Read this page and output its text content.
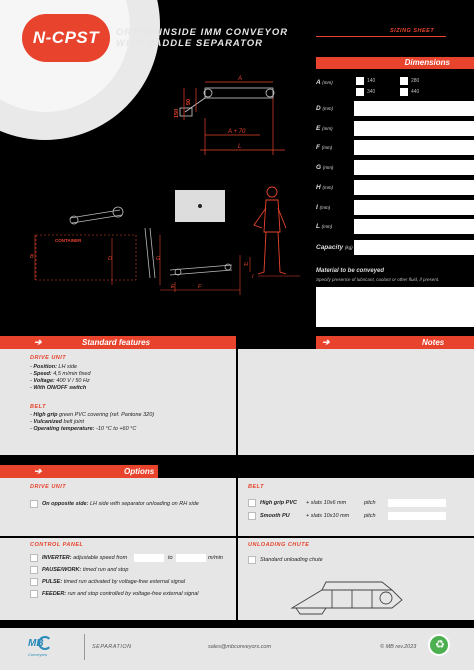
N-CPST	ORTHO-INSIDE IMM CONVEYOR
WITH PADDLE SEPARATOR
SIZING SHEET
A
A + 70
L
50
150
CONTAINER
B
E	F
D	G
H
I
Dimensions
A (mm)	140	280
340	440
D (mm)
E (mm)
F (mm)
G (mm)
H (mm)
I (mm)
L (mm)
Capacity (kg)
Material to be conveyed
Specify presence of lubricant, coolant or other fluid, if present.
➔	Standard features	➔	Notes
DRIVE UNIT
- Position: LH side
- Speed: 4,5 m/min fixed
- Voltage: 400 V / 50 Hz
- With ON/OFF switch
BELT
- High grip green PVC covering (ref. Pantone 320)
- Vulcanized belt joint
- Operating temperature: -10 °C to +60 °C
➔	Options
DRIVE UNIT
On opposite side: LH side with separator unloading on RH side
BELT
High grip PVC + slats 10x6 mm	pitch
Smooth PU	+ slats 10x10 mm	pitch
CONTROL PANEL
INVERTER: adjustable speed from	to	m/min
PAUSE/WORK: timed run and stop
PULSE: timed run activated by voltage-free external signal
FEEDER: run and stop controlled by voltage-free external signal
UNLOADING CHUTE
Standard unloading chute
MB
Conveyors
SEPARATION	sales@mbconveyors.com	© MB rev.2023 ♻
